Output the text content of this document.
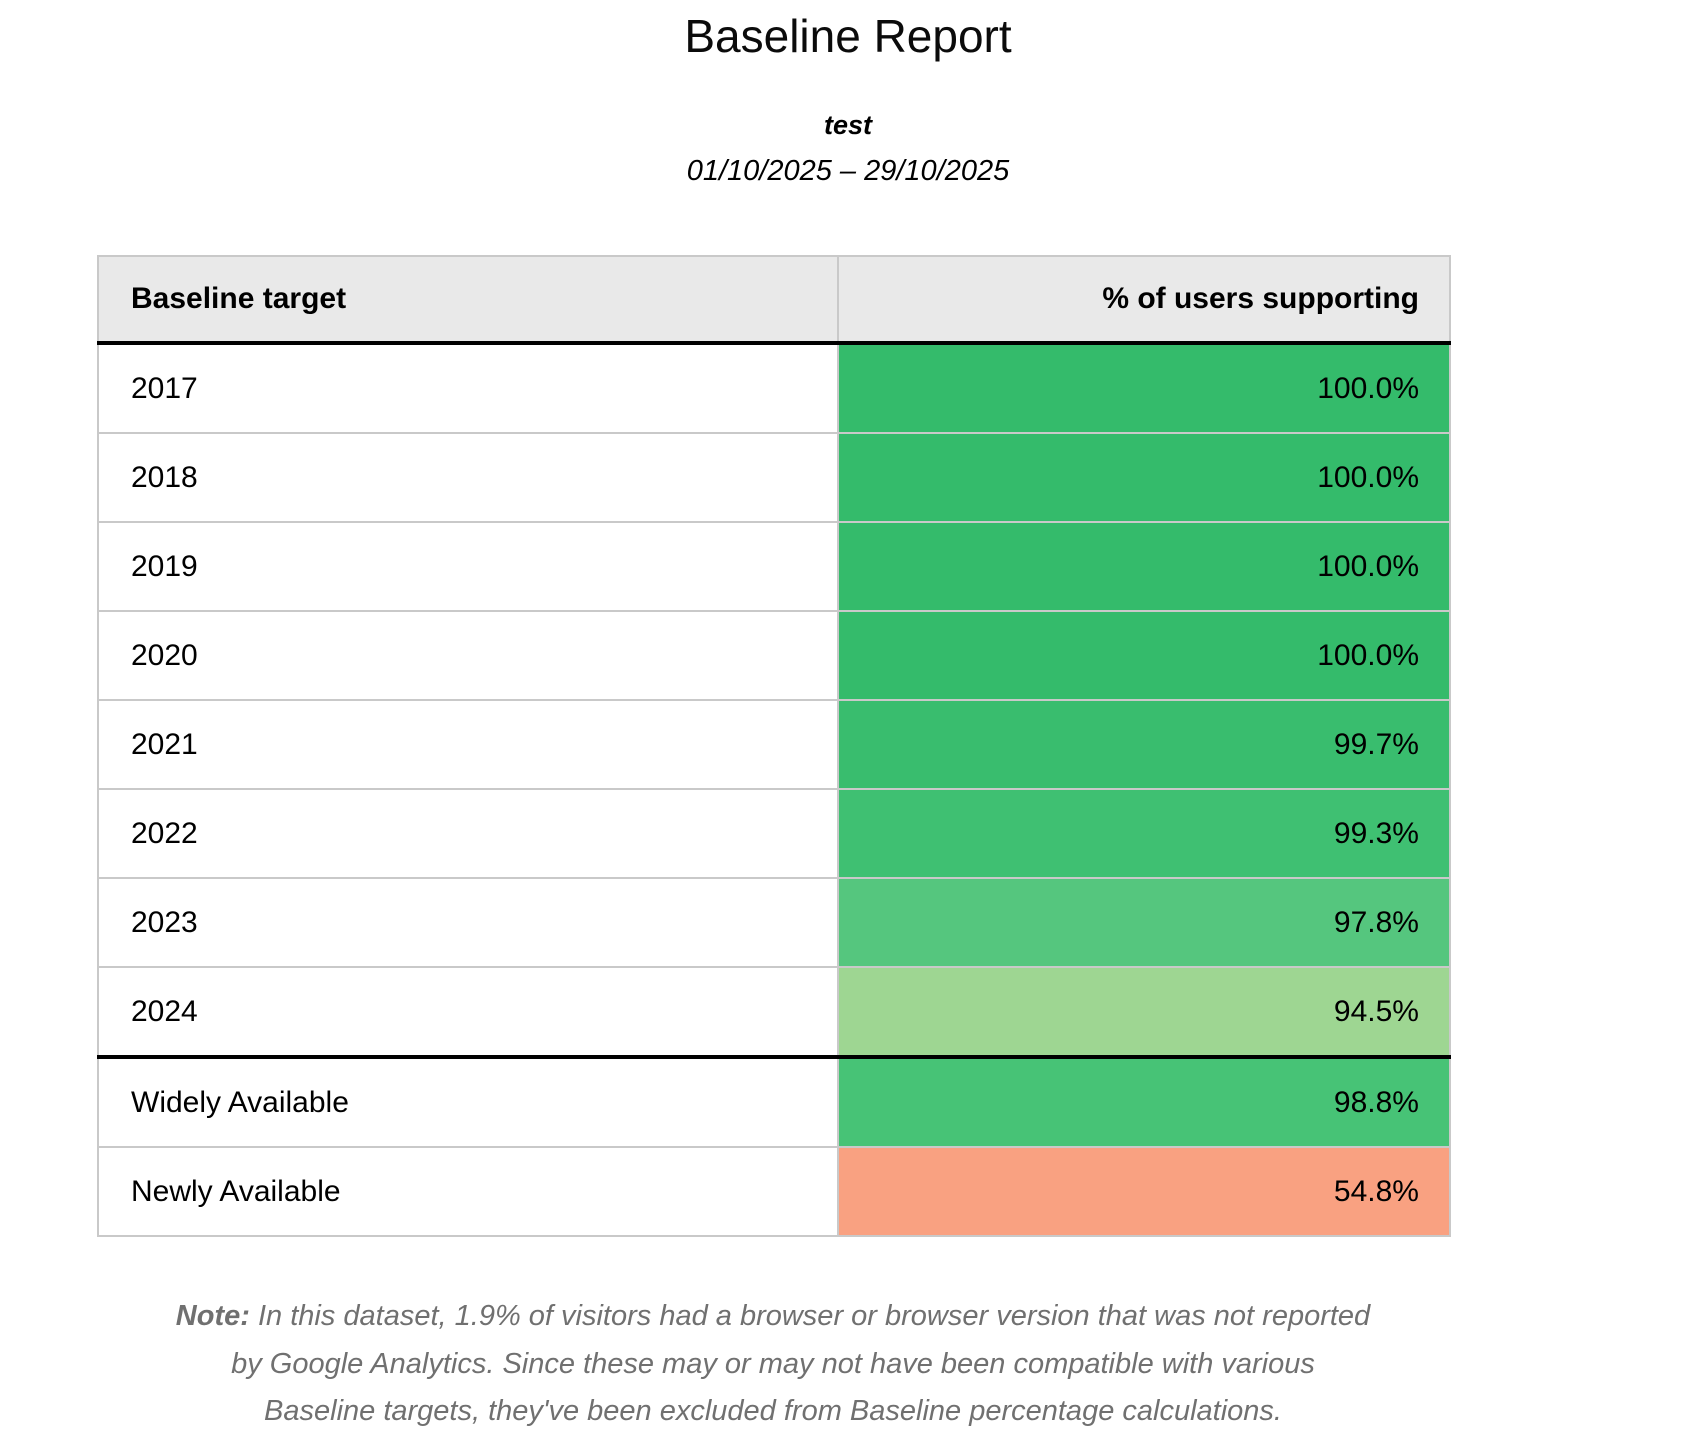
Baseline Report
test
01/10/2025 – 29/10/2025
Baseline target	% of users supporting
2017	100.0%
2018	100.0%
2019	100.0%
2020	100.0%
2021	99.7%
2022	99.3%
2023	97.8%
2024	94.5%
Widely Available	98.8%
Newly Available	54.8%

Note: In this dataset, 1.9% of visitors had a browser or browser version that was not reported by Google Analytics. Since these may or may not have been compatible with various Baseline targets, they've been excluded from Baseline percentage calculations.
